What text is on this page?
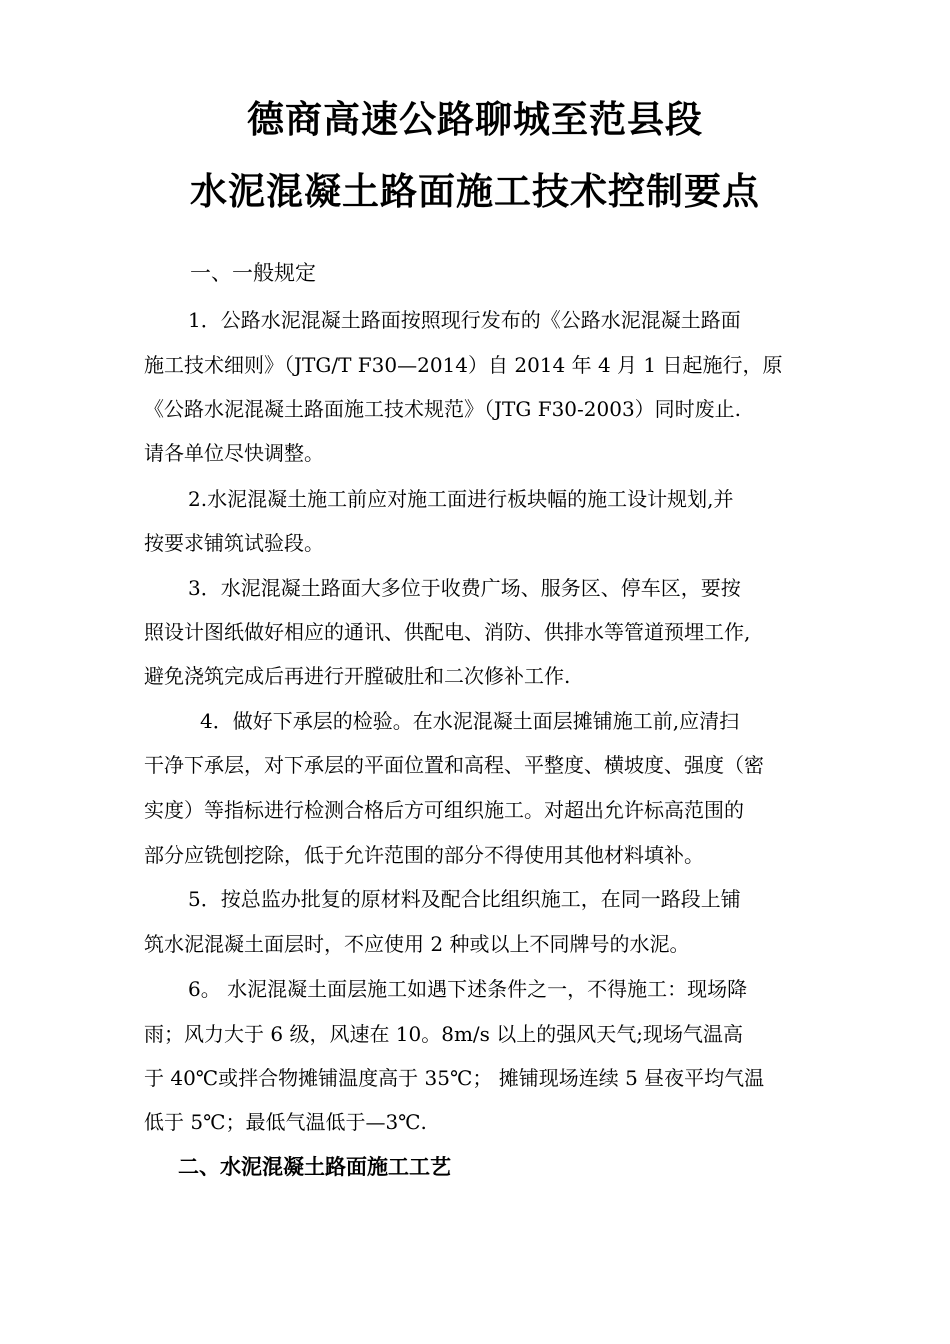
德商高速公路聊城至范县段
水泥混凝土路面施工技术控制要点
一、一般规定
1．公路水泥混凝土路面按照现行发布的《公路水泥混凝土路面
施工技术细则》（JTG/T F30—2014）自 2014 年 4 月 1 日起施行，原
《公路水泥混凝土路面施工技术规范》（JTG F30-2003）同时废止.
请各单位尽快调整。
2.水泥混凝土施工前应对施工面进行板块幅的施工设计规划,并
按要求铺筑试验段。
3．水泥混凝土路面大多位于收费广场、服务区、停车区，要按
照设计图纸做好相应的通讯、供配电、消防、供排水等管道预埋工作,
避免浇筑完成后再进行开膛破肚和二次修补工作.
4．做好下承层的检验。在水泥混凝土面层摊铺施工前,应清扫
干净下承层，对下承层的平面位置和高程、平整度、横坡度、强度（密
实度）等指标进行检测合格后方可组织施工。对超出允许标高范围的
部分应铣刨挖除，低于允许范围的部分不得使用其他材料填补。
5．按总监办批复的原材料及配合比组织施工，在同一路段上铺
筑水泥混凝土面层时，不应使用 2 种或以上不同牌号的水泥。
6。 水泥混凝土面层施工如遇下述条件之一，不得施工：现场降
雨；风力大于 6 级，风速在 10。8m/s 以上的强风天气;现场气温高
于 40℃或拌合物摊铺温度高于 35℃； 摊铺现场连续 5 昼夜平均气温
低于 5℃；最低气温低于—3℃.
二、水泥混凝土路面施工工艺
